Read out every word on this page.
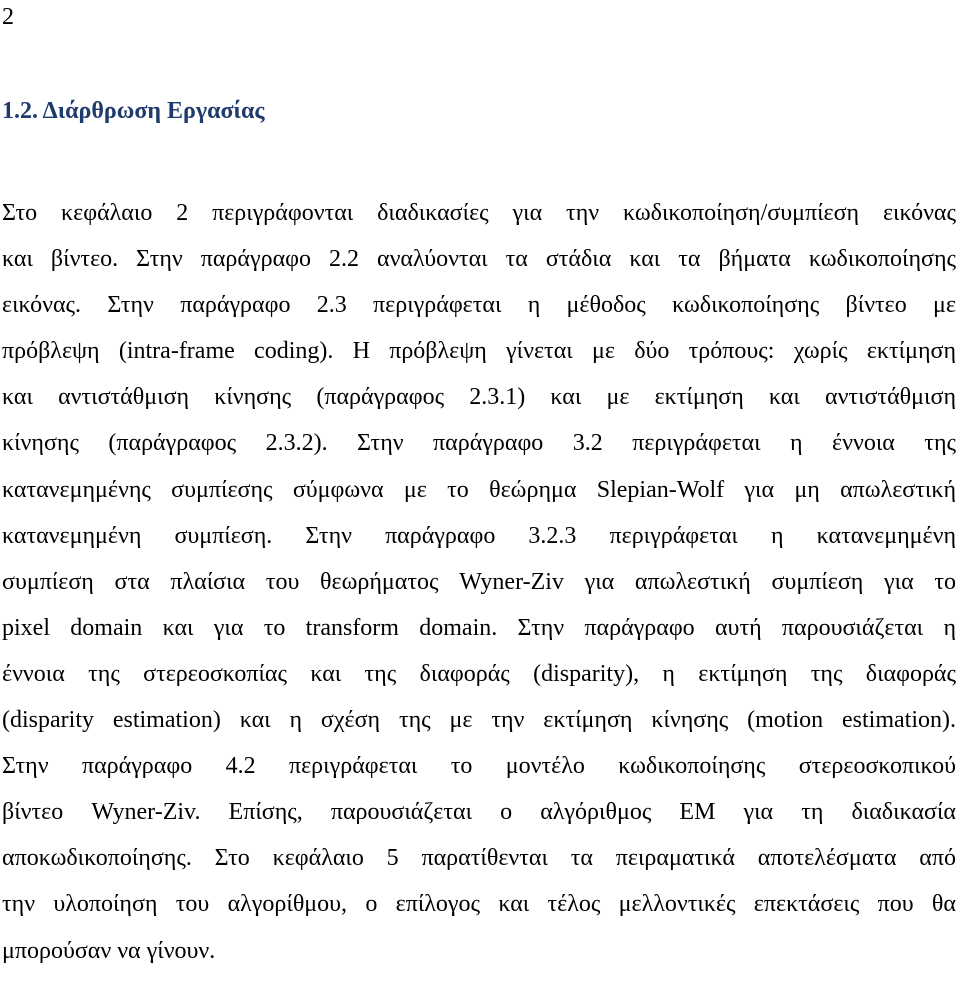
2
1.2. Διάρθρωση Εργασίας
Στο κεφάλαιο 2 περιγράφονται διαδικασίες για την κωδικοποίηση/συμπίεση εικόνας
και βίντεο. Στην παράγραφο 2.2 αναλύονται τα στάδια και τα βήματα κωδικοποίησης
εικόνας. Στην παράγραφο 2.3 περιγράφεται η μέθοδος κωδικοποίησης βίντεο με
πρόβλεψη (intra-frame coding). Η πρόβλεψη γίνεται με δύο τρόπους: χωρίς εκτίμηση
και αντιστάθμιση κίνησης (παράγραφος 2.3.1) και με εκτίμηση και αντιστάθμιση
κίνησης (παράγραφος 2.3.2). Στην παράγραφο 3.2 περιγράφεται η έννοια της
κατανεμημένης συμπίεσης σύμφωνα με το θεώρημα Slepian-Wolf για μη απωλεστική
κατανεμημένη συμπίεση. Στην παράγραφο 3.2.3 περιγράφεται η κατανεμημένη
συμπίεση στα πλαίσια του θεωρήματος Wyner-Ziv για απωλεστική συμπίεση για το
pixel domain και για το transform domain. Στην παράγραφο αυτή παρουσιάζεται η
έννοια της στερεοσκοπίας και της διαφοράς (disparity), η εκτίμηση της διαφοράς
(disparity estimation) και η σχέση της με την εκτίμηση κίνησης (motion estimation).
Στην παράγραφο 4.2 περιγράφεται το μοντέλο κωδικοποίησης στερεοσκοπικού
βίντεο Wyner-Ziv. Επίσης, παρουσιάζεται ο αλγόριθμος ΕΜ για τη διαδικασία
αποκωδικοποίησης. Στο κεφάλαιο 5 παρατίθενται τα πειραματικά αποτελέσματα από
την υλοποίηση του αλγορίθμου, ο επίλογος και τέλος μελλοντικές επεκτάσεις που θα
μπορούσαν να γίνουν.
